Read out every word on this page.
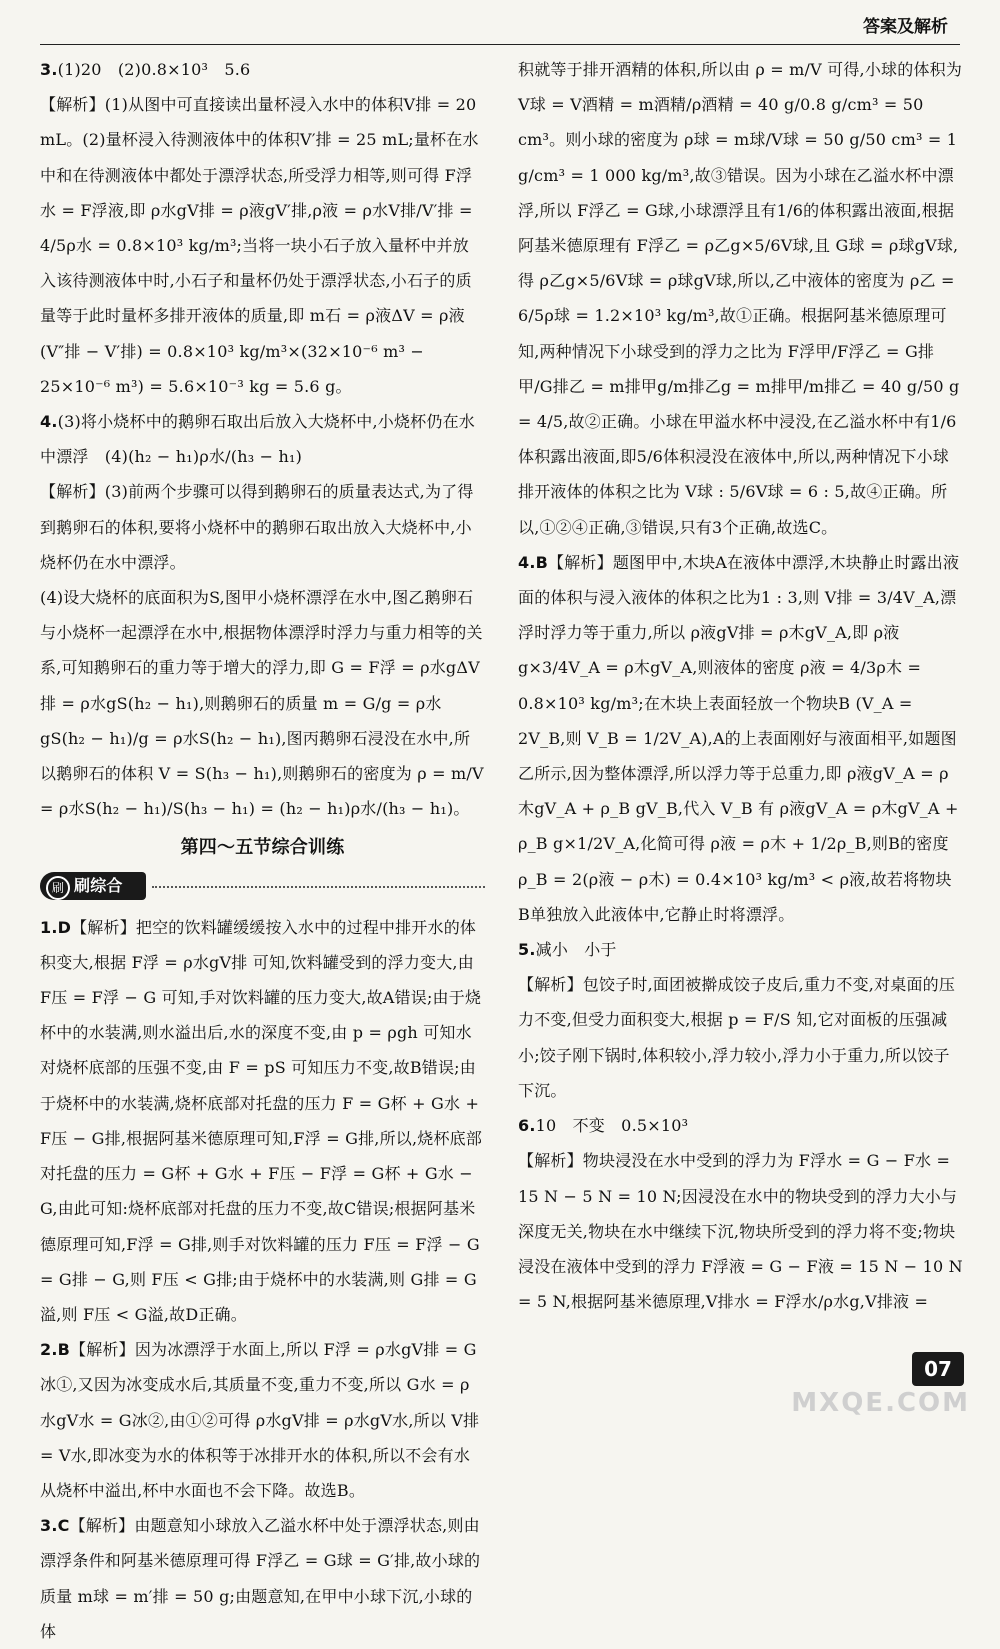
答案及解析

3.(1)20　(2)0.8×10³　5.6

【解析】(1)从图中可直接读出量杯浸入水中的体积V排 = 20 mL。(2)量杯浸入待测液体中的体积V′排 = 25 mL;量杯在水中和在待测液体中都处于漂浮状态,所受浮力相等,则可得 F浮水 = F浮液,即 ρ水gV排 = ρ液gV′排,ρ液 = ρ水V排/V′排 = 4/5ρ水 = 0.8×10³ kg/m³;当将一块小石子放入量杯中并放入该待测液体中时,小石子和量杯仍处于漂浮状态,小石子的质量等于此时量杯多排开液体的质量,即 m石 = ρ液ΔV = ρ液(V″排 − V′排) = 0.8×10³ kg/m³×(32×10⁻⁶ m³ − 25×10⁻⁶ m³) = 5.6×10⁻³ kg = 5.6 g。

4.(3)将小烧杯中的鹅卵石取出后放入大烧杯中,小烧杯仍在水中漂浮　(4)(h₂ − h₁)ρ水/(h₃ − h₁)

【解析】(3)前两个步骤可以得到鹅卵石的质量表达式,为了得到鹅卵石的体积,要将小烧杯中的鹅卵石取出放入大烧杯中,小烧杯仍在水中漂浮。

(4)设大烧杯的底面积为S,图甲小烧杯漂浮在水中,图乙鹅卵石与小烧杯一起漂浮在水中,根据物体漂浮时浮力与重力相等的关系,可知鹅卵石的重力等于增大的浮力,即 G = F浮 = ρ水gΔV排 = ρ水gS(h₂ − h₁),则鹅卵石的质量 m = G/g = ρ水gS(h₂ − h₁)/g = ρ水S(h₂ − h₁),图丙鹅卵石浸没在水中,所以鹅卵石的体积 V = S(h₃ − h₁),则鹅卵石的密度为 ρ = m/V = ρ水S(h₂ − h₁)/S(h₃ − h₁) = (h₂ − h₁)ρ水/(h₃ − h₁)。

第四～五节综合训练

刷 刷综合

1.D【解析】把空的饮料罐缓缓按入水中的过程中排开水的体积变大,根据 F浮 = ρ水gV排 可知,饮料罐受到的浮力变大,由 F压 = F浮 − G 可知,手对饮料罐的压力变大,故A错误;由于烧杯中的水装满,则水溢出后,水的深度不变,由 p = ρgh 可知水对烧杯底部的压强不变,由 F = pS 可知压力不变,故B错误;由于烧杯中的水装满,烧杯底部对托盘的压力 F = G杯 + G水 + F压 − G排,根据阿基米德原理可知,F浮 = G排,所以,烧杯底部对托盘的压力 = G杯 + G水 + F压 − F浮 = G杯 + G水 − G,由此可知:烧杯底部对托盘的压力不变,故C错误;根据阿基米德原理可知,F浮 = G排,则手对饮料罐的压力 F压 = F浮 − G = G排 − G,则 F压 < G排;由于烧杯中的水装满,则 G排 = G溢,则 F压 < G溢,故D正确。

2.B【解析】因为冰漂浮于水面上,所以 F浮 = ρ水gV排 = G冰①,又因为冰变成水后,其质量不变,重力不变,所以 G水 = ρ水gV水 = G冰②,由①②可得 ρ水gV排 = ρ水gV水,所以 V排 = V水,即冰变为水的体积等于冰排开水的体积,所以不会有水从烧杯中溢出,杯中水面也不会下降。故选B。

3.C【解析】由题意知小球放入乙溢水杯中处于漂浮状态,则由漂浮条件和阿基米德原理可得 F浮乙 = G球 = G′排,故小球的质量 m球 = m′排 = 50 g;由题意知,在甲中小球下沉,小球的体

积就等于排开酒精的体积,所以由 ρ = m/V 可得,小球的体积为 V球 = V酒精 = m酒精/ρ酒精 = 40 g/0.8 g/cm³ = 50 cm³。则小球的密度为 ρ球 = m球/V球 = 50 g/50 cm³ = 1 g/cm³ = 1 000 kg/m³,故③错误。因为小球在乙溢水杯中漂浮,所以 F浮乙 = G球,小球漂浮且有1/6的体积露出液面,根据阿基米德原理有 F浮乙 = ρ乙g×5/6V球,且 G球 = ρ球gV球,得 ρ乙g×5/6V球 = ρ球gV球,所以,乙中液体的密度为 ρ乙 = 6/5ρ球 = 1.2×10³ kg/m³,故①正确。根据阿基米德原理可知,两种情况下小球受到的浮力之比为 F浮甲/F浮乙 = G排甲/G排乙 = m排甲g/m排乙g = m排甲/m排乙 = 40 g/50 g = 4/5,故②正确。小球在甲溢水杯中浸没,在乙溢水杯中有1/6体积露出液面,即5/6体积浸没在液体中,所以,两种情况下小球排开液体的体积之比为 V球 : 5/6V球 = 6 : 5,故④正确。所以,①②④正确,③错误,只有3个正确,故选C。

4.B【解析】题图甲中,木块A在液体中漂浮,木块静止时露出液面的体积与浸入液体的体积之比为1 : 3,则 V排 = 3/4V_A,漂浮时浮力等于重力,所以 ρ液gV排 = ρ木gV_A,即 ρ液g×3/4V_A = ρ木gV_A,则液体的密度 ρ液 = 4/3ρ木 = 0.8×10³ kg/m³;在木块上表面轻放一个物块B (V_A = 2V_B,则 V_B = 1/2V_A),A的上表面刚好与液面相平,如题图乙所示,因为整体漂浮,所以浮力等于总重力,即 ρ液gV_A = ρ木gV_A + ρ_B gV_B,代入 V_B 有 ρ液gV_A = ρ木gV_A + ρ_B g×1/2V_A,化简可得 ρ液 = ρ木 + 1/2ρ_B,则B的密度 ρ_B = 2(ρ液 − ρ木) = 0.4×10³ kg/m³ < ρ液,故若将物块B单独放入此液体中,它静止时将漂浮。

5.减小　小于

【解析】包饺子时,面团被擀成饺子皮后,重力不变,对桌面的压力不变,但受力面积变大,根据 p = F/S 知,它对面板的压强减小;饺子刚下锅时,体积较小,浮力较小,浮力小于重力,所以饺子下沉。

6.10　不变　0.5×10³

【解析】物块浸没在水中受到的浮力为 F浮水 = G − F水 = 15 N − 5 N = 10 N;因浸没在水中的物块受到的浮力大小与深度无关,物块在水中继续下沉,物块所受到的浮力将不变;物块浸没在液体中受到的浮力 F浮液 = G − F液 = 15 N − 10 N = 5 N,根据阿基米德原理,V排水 = F浮水/ρ水g,V排液 =

07
MXQE.COM
